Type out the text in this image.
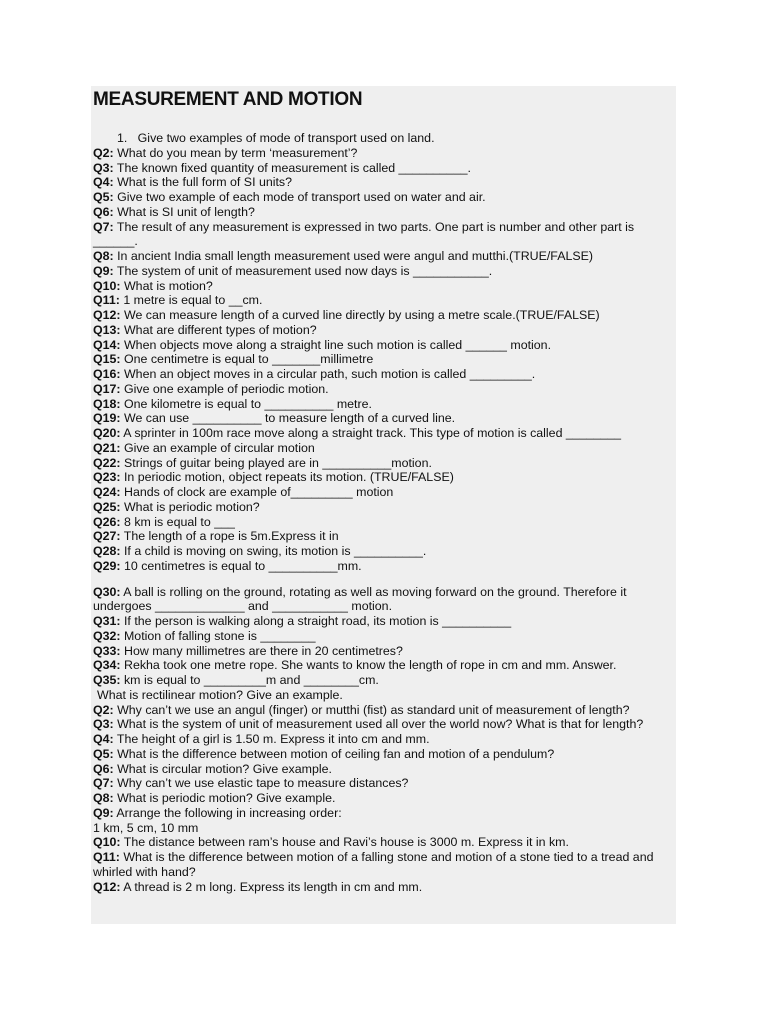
MEASUREMENT AND MOTION
1. Give two examples of mode of transport used on land.
Q2: What do you mean by term ‘measurement’?
Q3: The known fixed quantity of measurement is called __________.
Q4: What is the full form of SI units?
Q5: Give two example of each mode of transport used on water and air.
Q6: What is SI unit of length?
Q7: The result of any measurement is expressed in two parts. One part is number and other part is ______.
Q8: In ancient India small length measurement used were angul and mutthi.(TRUE/FALSE)
Q9: The system of unit of measurement used now days is ___________.
Q10: What is motion?
Q11: 1 metre is equal to __cm.
Q12: We can measure length of a curved line directly by using a metre scale.(TRUE/FALSE)
Q13: What are different types of motion?
Q14: When objects move along a straight line such motion is called ______ motion.
Q15: One centimetre is equal to _______millimetre
Q16: When an object moves in a circular path, such motion is called _________.
Q17: Give one example of periodic motion.
Q18: One kilometre is equal to __________ metre.
Q19: We can use __________ to measure length of a curved line.
Q20: A sprinter in 100m race move along a straight track. This type of motion is called ________
Q21: Give an example of circular motion
Q22: Strings of guitar being played are in __________motion.
Q23: In periodic motion, object repeats its motion. (TRUE/FALSE)
Q24: Hands of clock are example of_________ motion
Q25: What is periodic motion?
Q26: 8 km is equal to ___
Q27: The length of a rope is 5m.Express it in
Q28: If a child is moving on swing, its motion is __________.
Q29: 10 centimetres is equal to __________mm.
Q30: A ball is rolling on the ground, rotating as well as moving forward on the ground. Therefore it undergoes _____________ and ___________ motion.
Q31: If the person is walking along a straight road, its motion is __________
Q32: Motion of falling stone is ________
Q33: How many millimetres are there in 20 centimetres?
Q34: Rekha took one metre rope. She wants to know the length of rope in cm and mm. Answer.
Q35: km is equal to _________m and ________cm.
What is rectilinear motion? Give an example.
Q2: Why can’t we use an angul (finger) or mutthi (fist) as standard unit of measurement of length?
Q3: What is the system of unit of measurement used all over the world now? What is that for length?
Q4: The height of a girl is 1.50 m. Express it into cm and mm.
Q5: What is the difference between motion of ceiling fan and motion of a pendulum?
Q6: What is circular motion? Give example.
Q7: Why can’t we use elastic tape to measure distances?
Q8: What is periodic motion? Give example.
Q9: Arrange the following in increasing order:
1 km, 5 cm, 10 mm
Q10: The distance between ram’s house and Ravi’s house is 3000 m. Express it in km.
Q11: What is the difference between motion of a falling stone and motion of a stone tied to a tread and whirled with hand?
Q12: A thread is 2 m long. Express its length in cm and mm.
